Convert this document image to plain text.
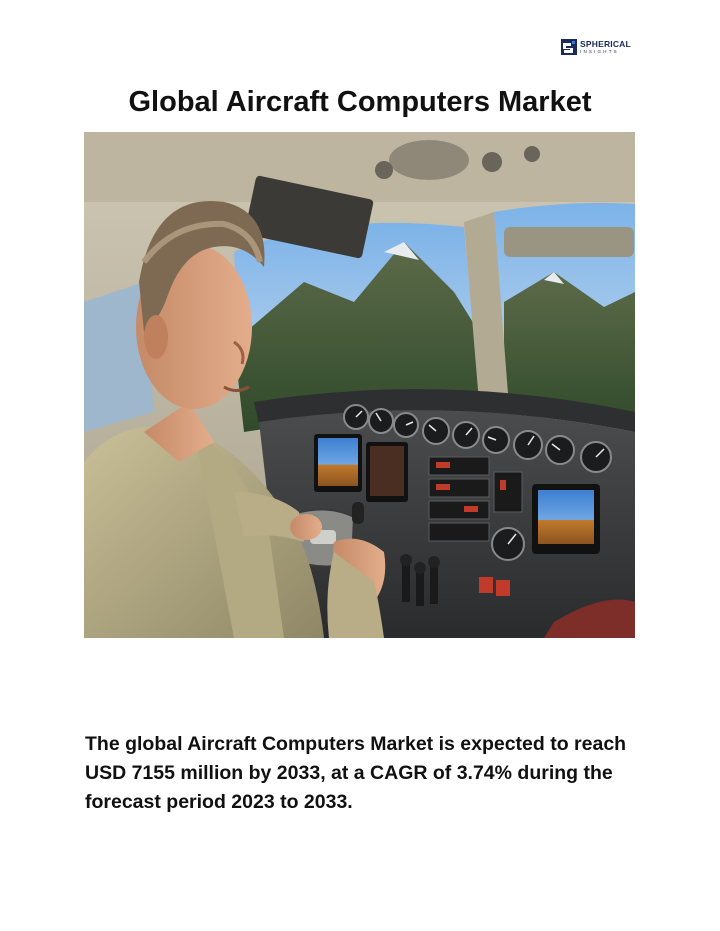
SPHERICAL
INSIGHTS
Global Aircraft Computers Market

The global Aircraft Computers Market is expected to reach USD 7155 million by 2033, at a CAGR of 3.74% during the forecast period 2023 to 2033.
